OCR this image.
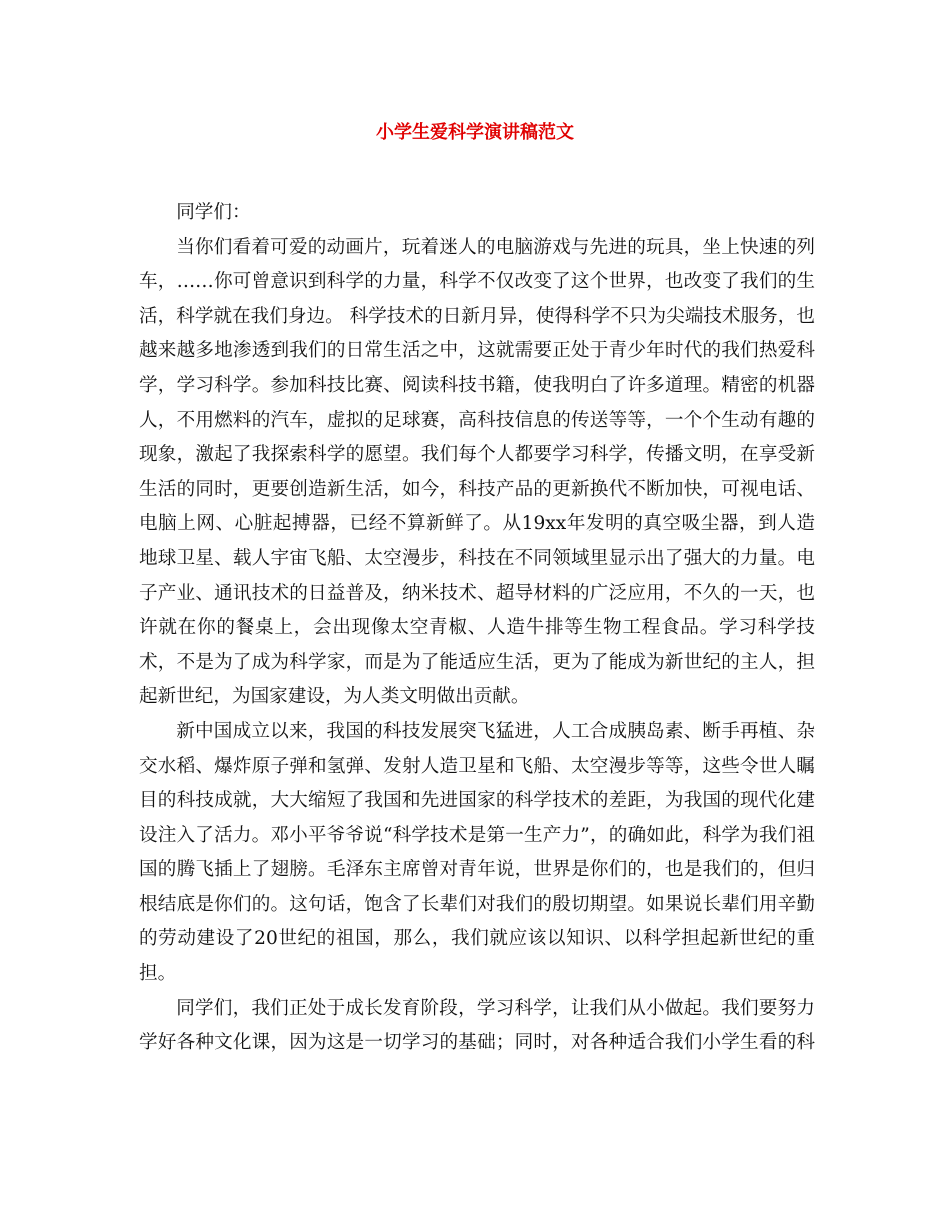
小学生爱科学演讲稿范文

同学们：

当你们看着可爱的动画片，玩着迷人的电脑游戏与先进的玩具，坐上快速的列车，……你可曾意识到科学的力量，科学不仅改变了这个世界，也改变了我们的生活，科学就在我们身边。 科学技术的日新月异，使得科学不只为尖端技术服务，也越来越多地渗透到我们的日常生活之中，这就需要正处于青少年时代的我们热爱科学，学习科学。参加科技比赛、阅读科技书籍，使我明白了许多道理。精密的机器人，不用燃料的汽车，虚拟的足球赛，高科技信息的传送等等，一个个生动有趣的现象，激起了我探索科学的愿望。我们每个人都要学习科学，传播文明，在享受新生活的同时，更要创造新生活，如今，科技产品的更新换代不断加快，可视电话、电脑上网、心脏起搏器，已经不算新鲜了。从19xx年发明的真空吸尘器，到人造地球卫星、载人宇宙飞船、太空漫步，科技在不同领域里显示出了强大的力量。电子产业、通讯技术的日益普及，纳米技术、超导材料的广泛应用，不久的一天，也许就在你的餐桌上，会出现像太空青椒、人造牛排等生物工程食品。学习科学技术，不是为了成为科学家，而是为了能适应生活，更为了能成为新世纪的主人，担起新世纪，为国家建设，为人类文明做出贡献。

新中国成立以来，我国的科技发展突飞猛进，人工合成胰岛素、断手再植、杂交水稻、爆炸原子弹和氢弹、发射人造卫星和飞船、太空漫步等等，这些令世人瞩目的科技成就，大大缩短了我国和先进国家的科学技术的差距，为我国的现代化建设注入了活力。邓小平爷爷说“科学技术是第一生产力”，的确如此，科学为我们祖国的腾飞插上了翅膀。毛泽东主席曾对青年说，世界是你们的，也是我们的，但归根结底是你们的。这句话，饱含了长辈们对我们的殷切期望。如果说长辈们用辛勤的劳动建设了20世纪的祖国，那么，我们就应该以知识、以科学担起新世纪的重担。

同学们，我们正处于成长发育阶段，学习科学，让我们从小做起。我们要努力学好各种文化课，因为这是一切学习的基础；同时，对各种适合我们小学生看的科
